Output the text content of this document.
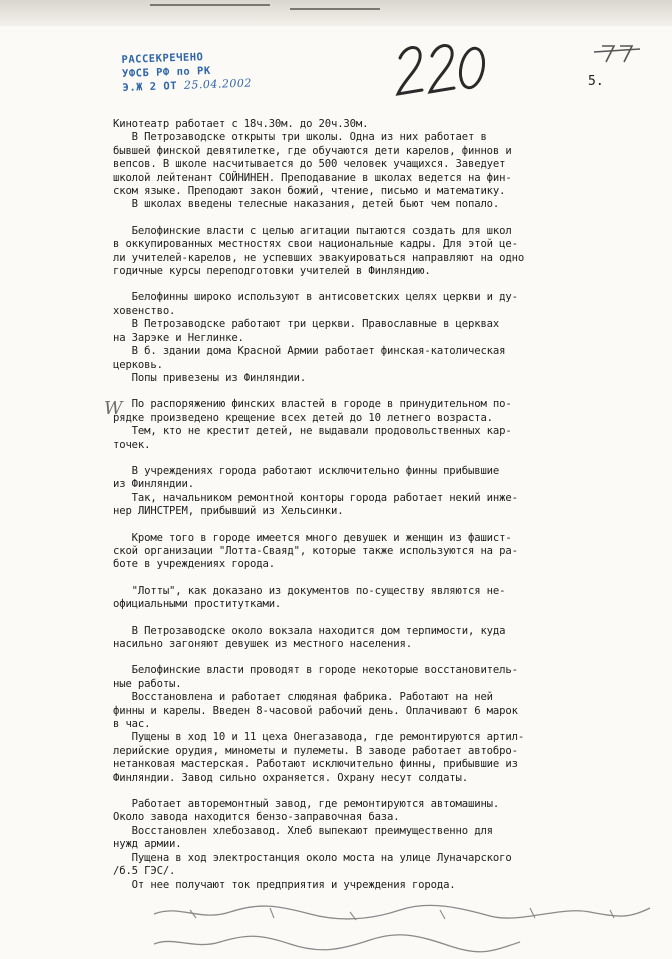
РАССЕКРЕЧЕНО
УФСБ РФ по РК
Э.Ж 2 ОТ 25.04.2002	5.
W

Кинотеатр работает с 18ч.30м. до 20ч.30м.

В Петрозаводске открыты три школы. Одна из них работает в

бывшей финской девятилетке, где обучаются дети карелов, финнов и

вепсов. В школе насчитывается до 500 человек учащихся. Заведует

школой лейтенант СОЙНИНЕН. Преподавание в школах ведется на фин-

ском языке. Преподают закон божий, чтение, письмо и математику.

В школах введены телесные наказания, детей бьют чем попало.

Белофинские власти с целью агитации пытаются создать для школ

в оккупированных местностях свои национальные кадры. Для этой це-

ли учителей-карелов, не успевших эвакуироваться направляют на одно

годичные курсы переподготовки учителей в Финляндию.

Белофинны широко используют в антисоветских целях церкви и ду-

ховенство.

В Петрозаводске работают три церкви. Православные в церквах

на Зарэке и Неглинке.

В б. здании дома Красной Армии работает финская-католическая

церковь.

Попы привезены из Финляндии.

По распоряжению финских властей в городе в принудительном по-

рядке произведено крещение всех детей до 10 летнего возраста.

Тем, кто не крестит детей, не выдавали продовольственных кар-

точек.

В учреждениях города работают исключительно финны прибывшие

из Финляндии.

Так, начальником ремонтной конторы города работает некий инже-

нер ЛИНСТРЕМ, прибывший из Хельсинки.

Кроме того в городе имеется много девушек и женщин из фашист-

ской организации "Лотта-Сваяд", которые также используются на ра-

боте в учреждениях города.

"Лотты", как доказано из документов по-существу являются не-

официальными проститутками.

В Петрозаводске около вокзала находится дом терпимости, куда

насильно загоняют девушек из местного населения.

Белофинские власти проводят в городе некоторые восстановитель-

ные работы.

Восстановлена и работает слюдяная фабрика. Работают на ней

финны и карелы. Введен 8-часовой рабочий день. Оплачивают 6 марок

в час.

Пущены в ход 10 и 11 цеха Онегазавода, где ремонтируются артил-

лерийские орудия, минометы и пулеметы. В заводе работает автобро-

нетанковая мастерская. Работают исключительно финны, прибывшие из

Финляндии. Завод сильно охраняется. Охрану несут солдаты.

Работает авторемонтный завод, где ремонтируются автомашины.

Около завода находится бензо-заправочная база.

Восстановлен хлебозавод. Хлеб выпекают преимущественно для

нужд армии.

Пущена в ход электростанция около моста на улице Луначарского

/б.5 ГЭС/.

От нее получают ток предприятия и учреждения города.
